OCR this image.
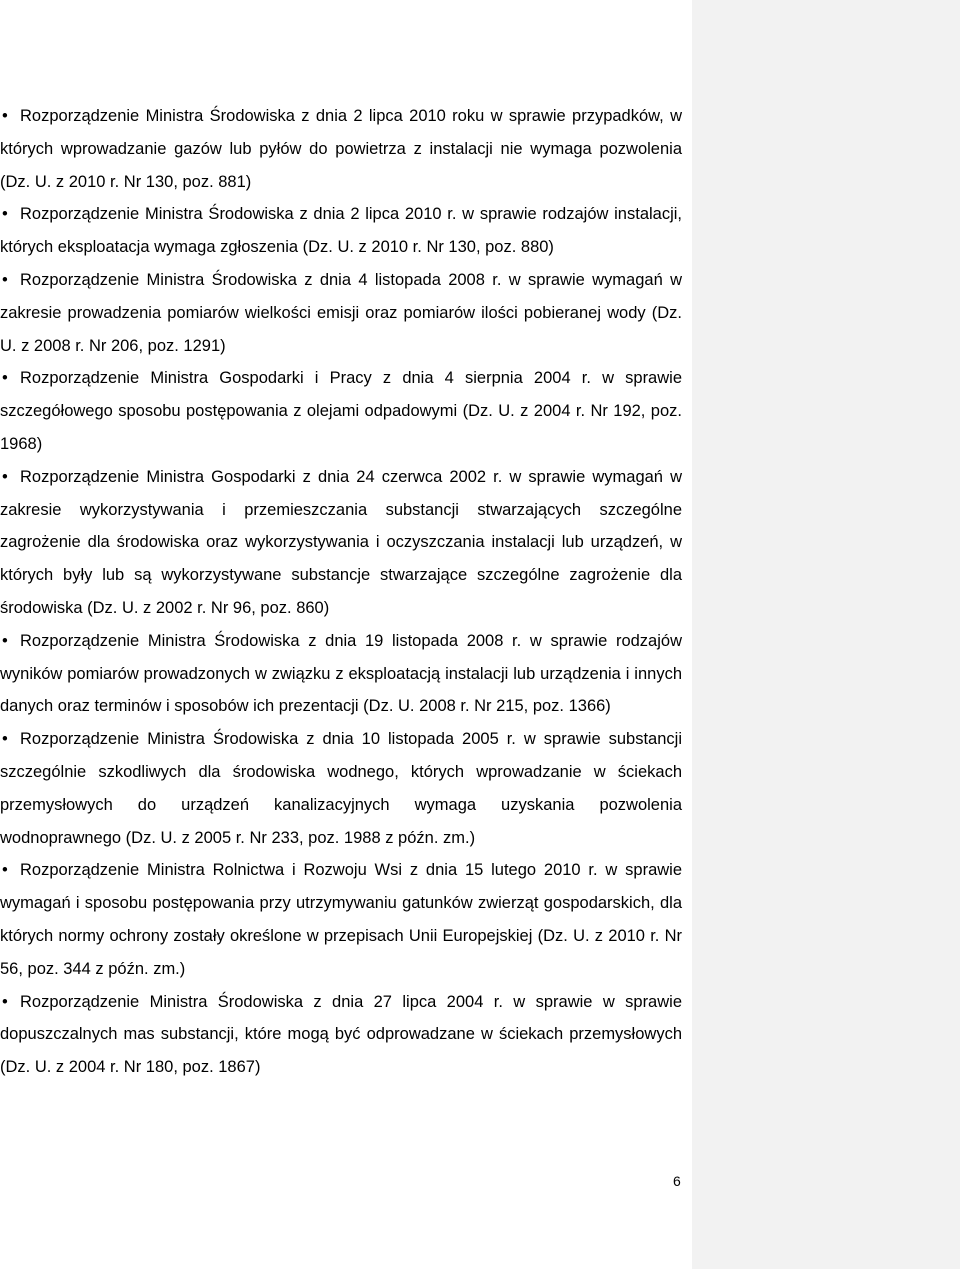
• Rozporządzenie Ministra Środowiska z dnia 2 lipca 2010 roku w sprawie przypadków, w których wprowadzanie gazów lub pyłów do powietrza z instalacji nie wymaga pozwolenia (Dz. U. z 2010 r. Nr 130, poz. 881)
• Rozporządzenie Ministra Środowiska z dnia 2 lipca 2010 r. w sprawie rodzajów instalacji, których eksploatacja wymaga zgłoszenia (Dz. U. z 2010 r. Nr 130, poz. 880)
• Rozporządzenie Ministra Środowiska z dnia 4 listopada 2008 r. w sprawie wymagań w zakresie prowadzenia pomiarów wielkości emisji oraz pomiarów ilości pobieranej wody (Dz. U. z 2008 r. Nr 206, poz. 1291)
• Rozporządzenie Ministra Gospodarki i Pracy z dnia 4 sierpnia 2004 r. w sprawie szczegółowego sposobu postępowania z olejami odpadowymi (Dz. U. z 2004 r. Nr 192, poz. 1968)
• Rozporządzenie Ministra Gospodarki z dnia 24 czerwca 2002 r. w sprawie wymagań w zakresie wykorzystywania i przemieszczania substancji stwarzających szczególne zagrożenie dla środowiska oraz wykorzystywania i oczyszczania instalacji lub urządzeń, w których były lub są wykorzystywane substancje stwarzające szczególne zagrożenie dla środowiska (Dz. U. z 2002 r. Nr 96, poz. 860)
• Rozporządzenie Ministra Środowiska z dnia 19 listopada 2008 r. w sprawie rodzajów wyników pomiarów prowadzonych w związku z eksploatacją instalacji lub urządzenia i innych danych oraz terminów i sposobów ich prezentacji (Dz. U. 2008 r. Nr 215, poz. 1366)
• Rozporządzenie Ministra Środowiska z dnia 10 listopada 2005 r. w sprawie substancji szczególnie szkodliwych dla środowiska wodnego, których wprowadzanie w ściekach przemysłowych do urządzeń kanalizacyjnych wymaga uzyskania pozwolenia wodnoprawnego (Dz. U. z 2005 r. Nr 233, poz. 1988 z późn. zm.)
• Rozporządzenie Ministra Rolnictwa i Rozwoju Wsi z dnia 15 lutego 2010 r. w sprawie wymagań i sposobu postępowania przy utrzymywaniu gatunków zwierząt gospodarskich, dla których normy ochrony zostały określone w przepisach Unii Europejskiej (Dz. U. z 2010 r. Nr 56, poz. 344 z późn. zm.)
• Rozporządzenie Ministra Środowiska z dnia 27 lipca 2004 r. w sprawie w sprawie dopuszczalnych mas substancji, które mogą być odprowadzane w ściekach przemysłowych (Dz. U. z 2004 r. Nr 180, poz. 1867)
6
